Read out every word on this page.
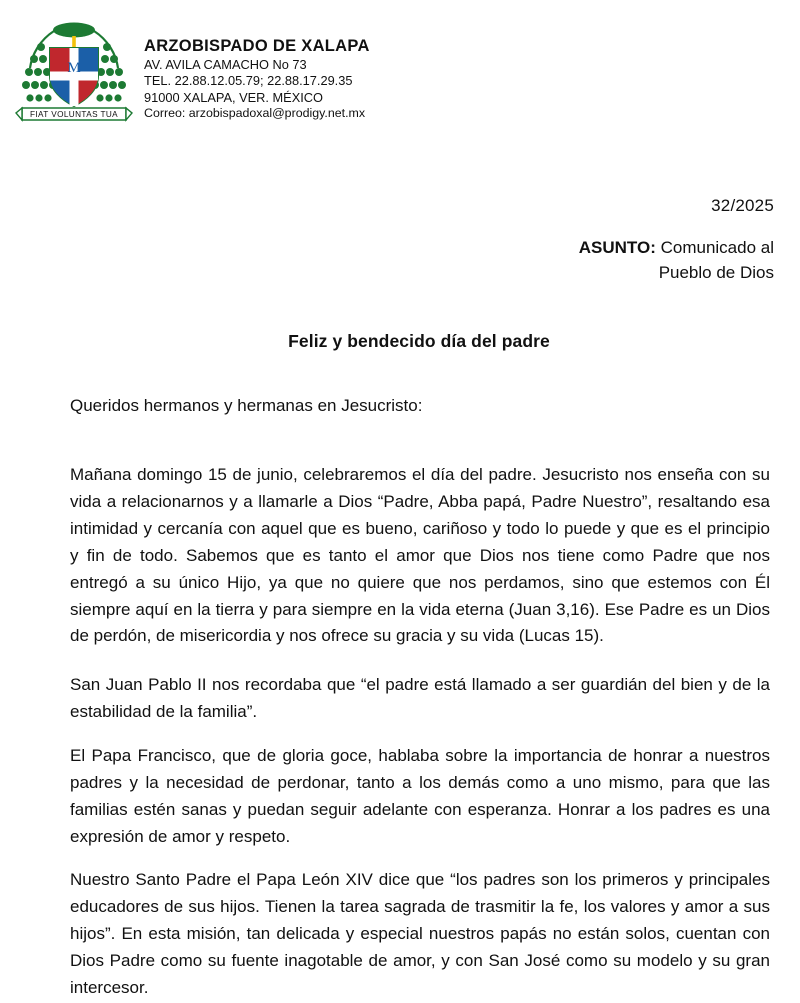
M
FIAT VOLUNTAS TUA
ARZOBISPADO DE XALAPA
AV. AVILA CAMACHO No 73
TEL. 22.88.12.05.79; 22.88.17.29.35
91000 XALAPA, VER. MÉXICO
Correo: arzobispadoxal@prodigy.net.mx
32/2025
ASUNTO: Comunicado al
Pueblo de Dios
Feliz y bendecido día del padre
Queridos hermanos y hermanas en Jesucristo:

Mañana domingo 15 de junio, celebraremos el día del padre. Jesucristo nos enseña con su vida a relacionarnos y a llamarle a Dios “Padre, Abba papá, Padre Nuestro”, resaltando esa intimidad y cercanía con aquel que es bueno, cariñoso y todo lo puede y que es el principio y fin de todo. Sabemos que es tanto el amor que Dios nos tiene como Padre que nos entregó a su único Hijo, ya que no quiere que nos perdamos, sino que estemos con Él siempre aquí en la tierra y para siempre en la vida eterna (Juan 3,16). Ese Padre es un Dios de perdón, de misericordia y nos ofrece su gracia y su vida (Lucas 15).

San Juan Pablo II nos recordaba que “el padre está llamado a ser guardián del bien y de la estabilidad de la familia”.

El Papa Francisco, que de gloria goce, hablaba sobre la importancia de honrar a nuestros padres y la necesidad de perdonar, tanto a los demás como a uno mismo, para que las familias estén sanas y puedan seguir adelante con esperanza. Honrar a los padres es una expresión de amor y respeto.

Nuestro Santo Padre el Papa León XIV dice que “los padres son los primeros y principales educadores de sus hijos. Tienen la tarea sagrada de trasmitir la fe, los valores y amor a sus hijos”. En esta misión, tan delicada y especial nuestros papás no están solos, cuentan con Dios Padre como su fuente inagotable de amor, y con San José como su modelo y su gran intercesor.
